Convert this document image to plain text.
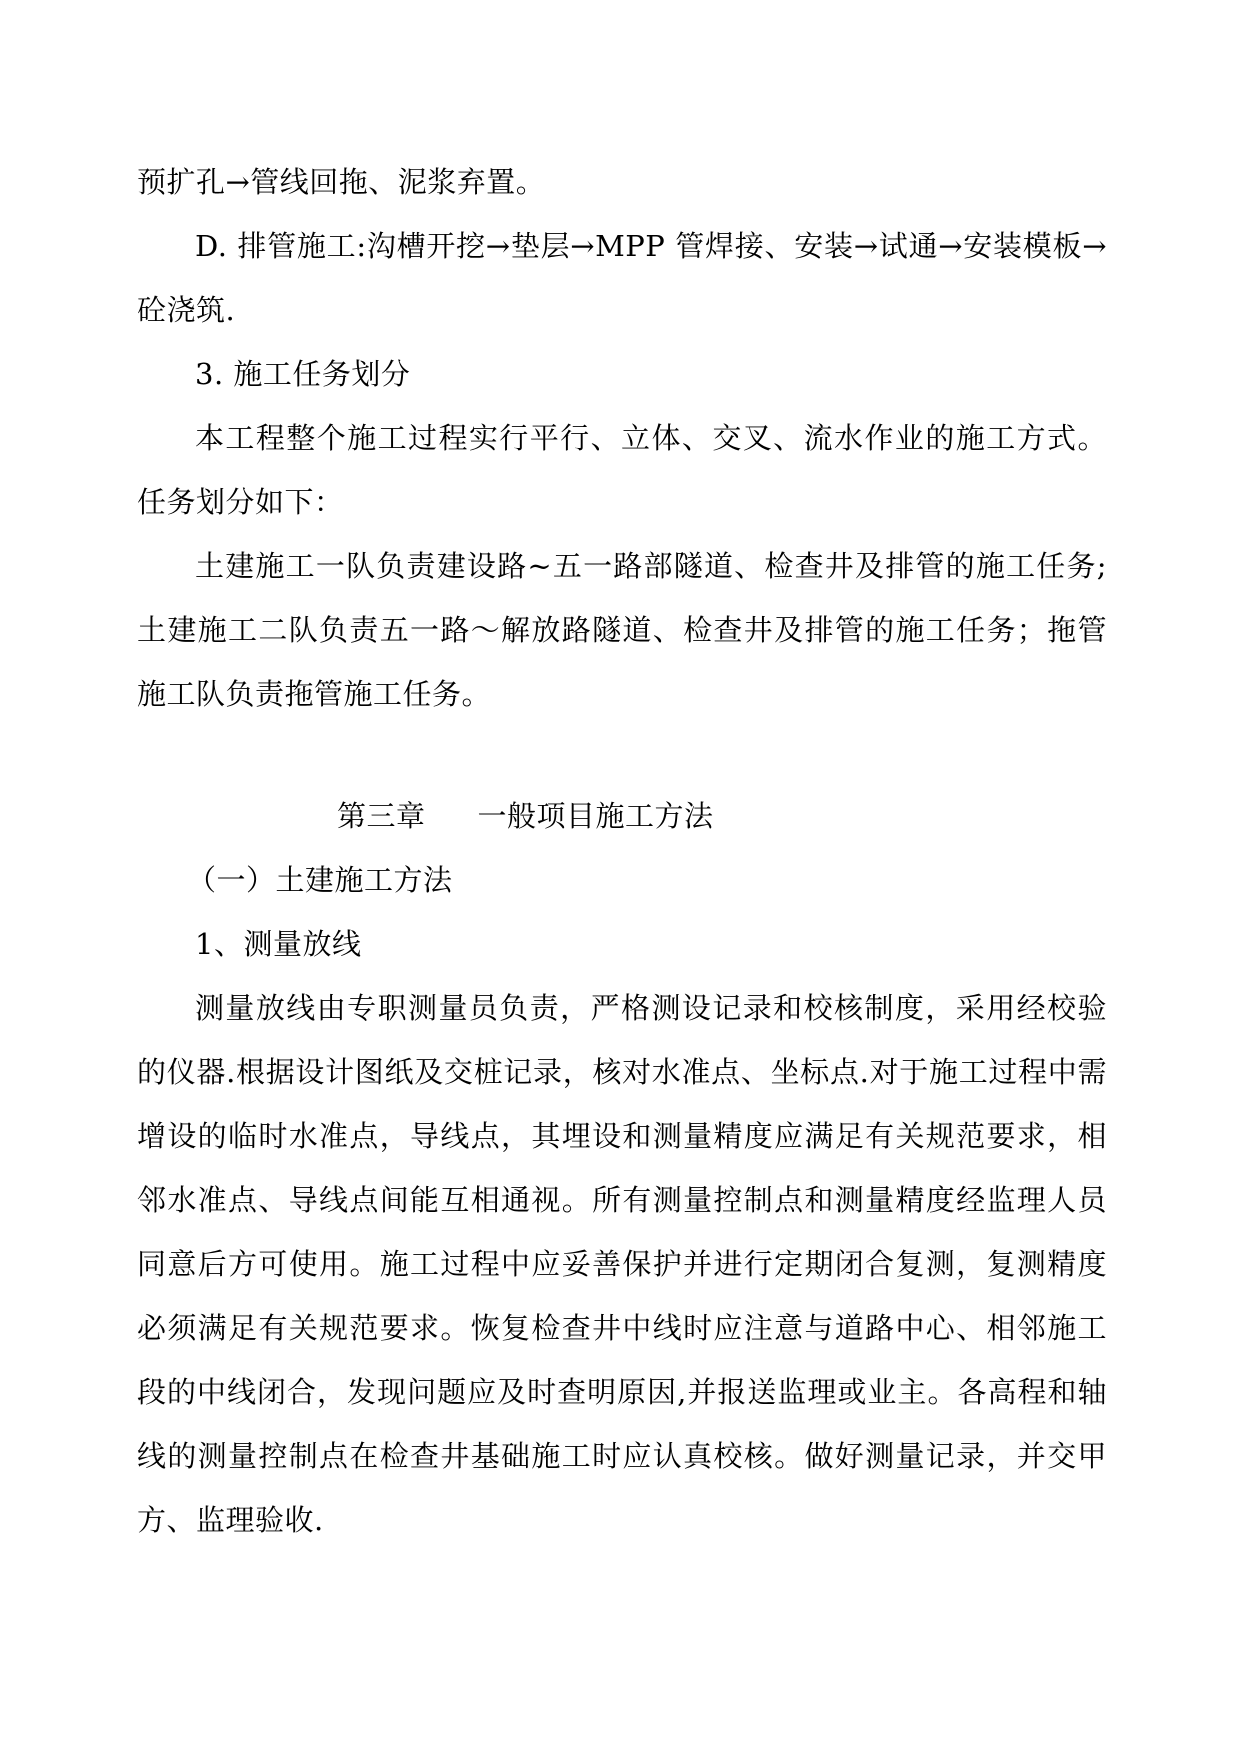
预扩孔→管线回拖、泥浆弃置。

D. 排管施工:沟槽开挖→垫层→MPP 管焊接、安装→试通→安装模板→砼浇筑.

3. 施工任务划分

本工程整个施工过程实行平行、立体、交叉、流水作业的施工方式。任务划分如下：

土建施工一队负责建设路~五一路部隧道、检查井及排管的施工任务;土建施工二队负责五一路～解放路隧道、检查井及排管的施工任务；拖管施工队负责拖管施工任务。

第三章 一般项目施工方法

（一）土建施工方法

1、测量放线

测量放线由专职测量员负责，严格测设记录和校核制度，采用经校验的仪器.根据设计图纸及交桩记录，核对水准点、坐标点.对于施工过程中需增设的临时水准点，导线点，其埋设和测量精度应满足有关规范要求，相邻水准点、导线点间能互相通视。所有测量控制点和测量精度经监理人员同意后方可使用。施工过程中应妥善保护并进行定期闭合复测，复测精度必须满足有关规范要求。恢复检查井中线时应注意与道路中心、相邻施工段的中线闭合，发现问题应及时查明原因,并报送监理或业主。各高程和轴线的测量控制点在检查井基础施工时应认真校核。做好测量记录，并交甲方、监理验收.
